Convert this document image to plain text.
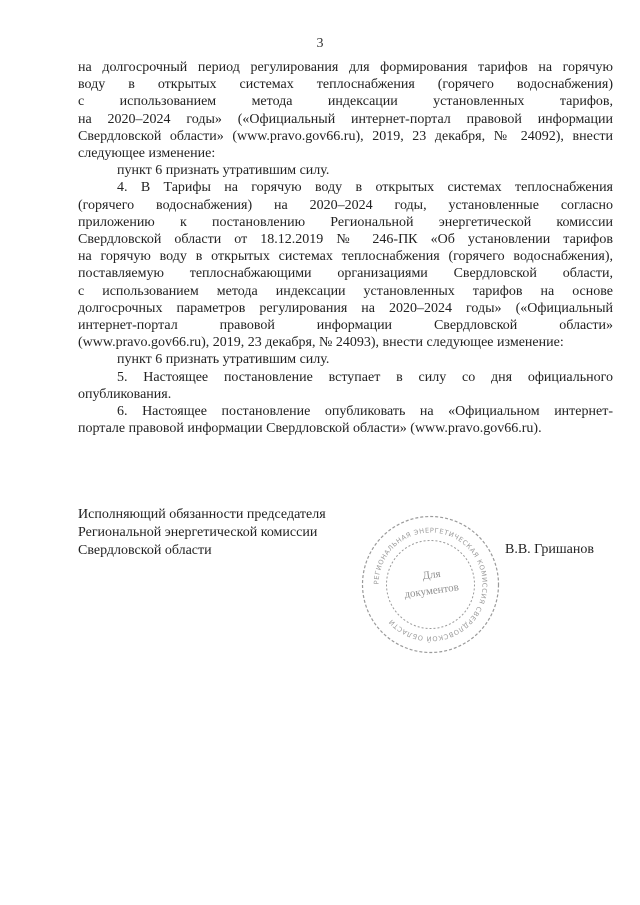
3

на долгосрочный период регулирования для формирования тарифов на горячую

воду в открытых системах теплоснабжения (горячего водоснабжения)

с использованием метода индексации установленных тарифов,

на 2020–2024 годы» («Официальный интернет-портал правовой информации

Свердловской области» (www.pravo.gov66.ru), 2019, 23 декабря, № 24092), внести

следующее изменение:

пункт 6 признать утратившим силу.

4. В Тарифы на горячую воду в открытых системах теплоснабжения

(горячего водоснабжения) на 2020–2024 годы, установленные согласно

приложению к постановлению Региональной энергетической комиссии

Свердловской области от 18.12.2019 № 246-ПК «Об установлении тарифов

на горячую воду в открытых системах теплоснабжения (горячего водоснабжения),

поставляемую теплоснабжающими организациями Свердловской области,

с использованием метода индексации установленных тарифов на основе

долгосрочных параметров регулирования на 2020–2024 годы» («Официальный

интернет-портал правовой информации Свердловской области»

(www.pravo.gov66.ru), 2019, 23 декабря, № 24093), внести следующее изменение:

пункт 6 признать утратившим силу.

5. Настоящее постановление вступает в силу со дня официального

опубликования.

6. Настоящее постановление опубликовать на «Официальном интернет-

портале правовой информации Свердловской области» (www.pravo.gov66.ru).

Исполняющий обязанности председателя
Региональной энергетической комиссии
Свердловской области
РЕГИОНАЛЬНАЯ ЭНЕРГЕТИЧЕСКАЯ КОМИССИЯ СВЕРДЛОВСКОЙ ОБЛАСТИ
Для
документов
В.В. Гришанов
